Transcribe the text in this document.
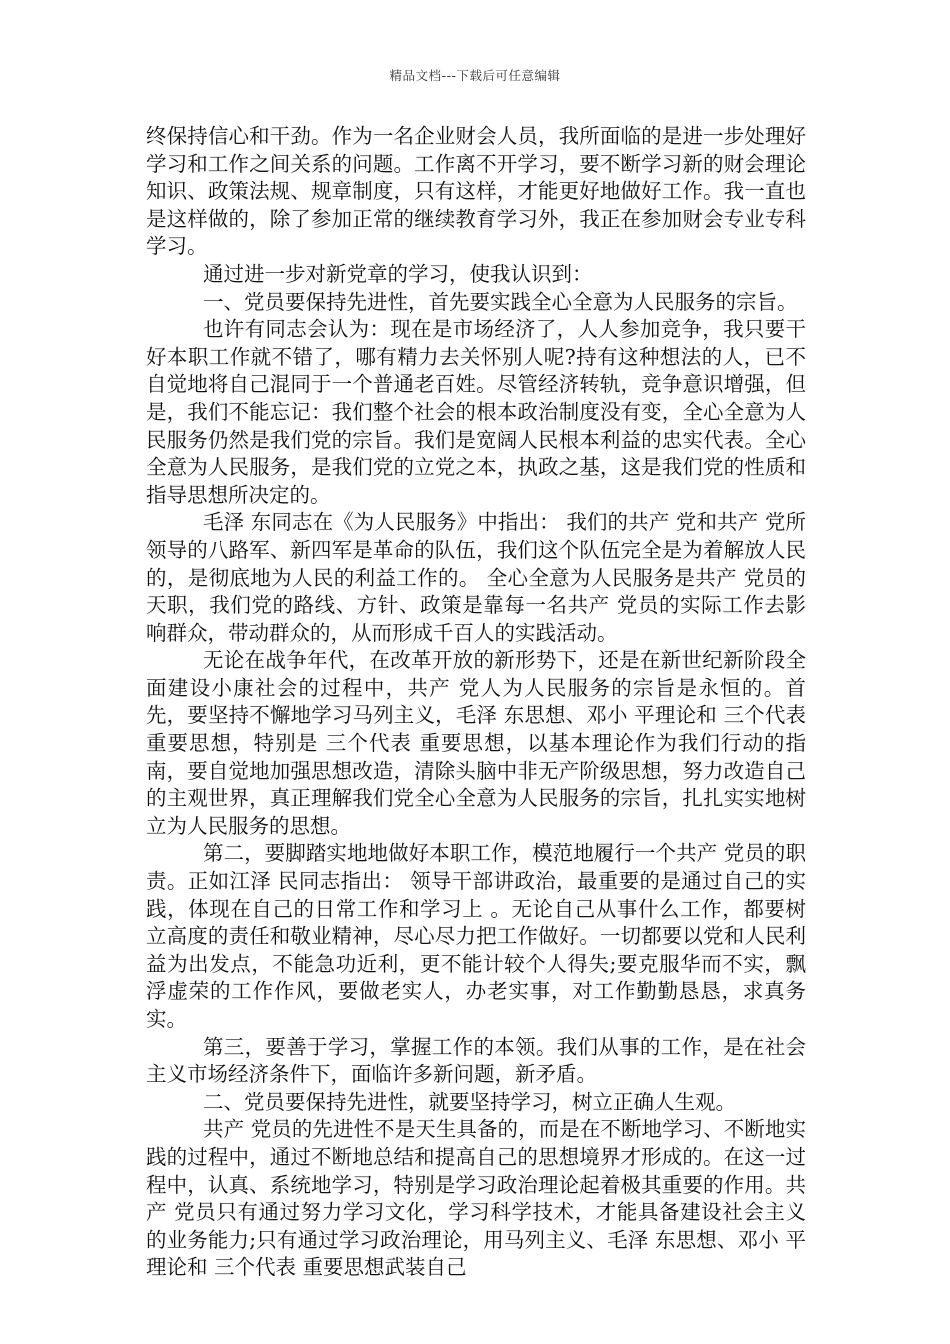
精品文档---下载后可任意编辑

终保持信心和干劲。作为一名企业财会人员，我所面临的是进一步处理好学习和工作之间关系的问题。工作离不开学习，要不断学习新的财会理论知识、政策法规、规章制度，只有这样，才能更好地做好工作。我一直也是这样做的，除了参加正常的继续教育学习外，我正在参加财会专业专科学习。

通过进一步对新党章的学习，使我认识到：

一、党员要保持先进性，首先要实践全心全意为人民服务的宗旨。

也许有同志会认为：现在是市场经济了，人人参加竞争，我只要干好本职工作就不错了，哪有精力去关怀别人呢?持有这种想法的人，已不自觉地将自己混同于一个普通老百姓。尽管经济转轨，竞争意识增强，但是，我们不能忘记：我们整个社会的根本政治制度没有变，全心全意为人民服务仍然是我们党的宗旨。我们是宽阔人民根本利益的忠实代表。全心全意为人民服务，是我们党的立党之本，执政之基，这是我们党的性质和指导思想所决定的。

毛泽 东同志在《为人民服务》中指出： 我们的共产 党和共产 党所领导的八路军、新四军是革命的队伍，我们这个队伍完全是为着解放人民的，是彻底地为人民的利益工作的。 全心全意为人民服务是共产 党员的天职，我们党的路线、方针、政策是靠每一名共产 党员的实际工作去影响群众，带动群众的，从而形成千百人的实践活动。

无论在战争年代，在改革开放的新形势下，还是在新世纪新阶段全面建设小康社会的过程中，共产 党人为人民服务的宗旨是永恒的。首先，要坚持不懈地学习马列主义，毛泽 东思想、邓小 平理论和 三个代表 重要思想，特别是 三个代表 重要思想，以基本理论作为我们行动的指南，要自觉地加强思想改造，清除头脑中非无产阶级思想，努力改造自己的主观世界，真正理解我们党全心全意为人民服务的宗旨，扎扎实实地树立为人民服务的思想。

第二，要脚踏实地地做好本职工作，模范地履行一个共产 党员的职责。正如江泽 民同志指出： 领导干部讲政治，最重要的是通过自己的实践，体现在自己的日常工作和学习上 。无论自己从事什么工作，都要树立高度的责任和敬业精神，尽心尽力把工作做好。一切都要以党和人民利益为出发点，不能急功近利，更不能计较个人得失;要克服华而不实，飘浮虚荣的工作作风，要做老实人，办老实事，对工作勤勤恳恳，求真务实。

第三，要善于学习，掌握工作的本领。我们从事的工作，是在社会主义市场经济条件下，面临许多新问题，新矛盾。

二、党员要保持先进性，就要坚持学习，树立正确人生观。

共产 党员的先进性不是天生具备的，而是在不断地学习、不断地实践的过程中，通过不断地总结和提高自己的思想境界才形成的。在这一过程中，认真、系统地学习，特别是学习政治理论起着极其重要的作用。共产 党员只有通过努力学习文化，学习科学技术，才能具备建设社会主义的业务能力;只有通过学习政治理论，用马列主义、毛泽 东思想、邓小 平理论和 三个代表 重要思想武装自己
